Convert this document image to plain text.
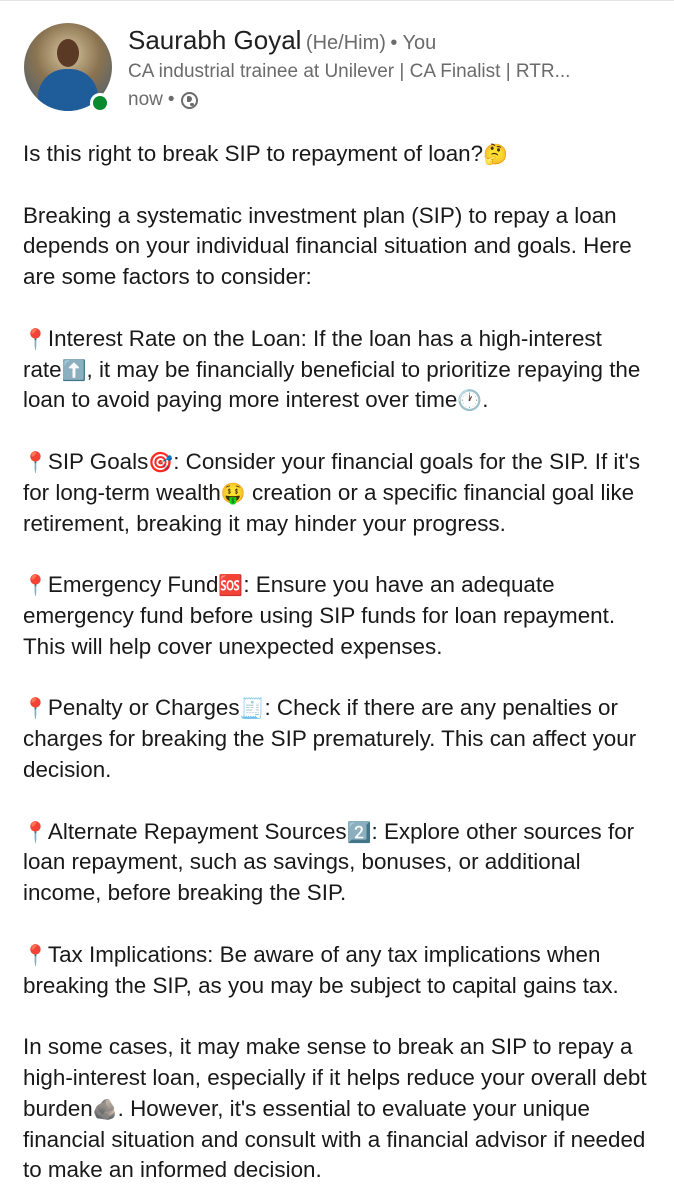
Saurabh Goyal (He/Him) • You
CA industrial trainee at Unilever | CA Finalist | RTR...
now •
Is this right to break SIP to repayment of loan?🤔
Breaking a systematic investment plan (SIP) to repay a loan depends on your individual financial situation and goals. Here are some factors to consider:
📍Interest Rate on the Loan: If the loan has a high-interest rate⬆️, it may be financially beneficial to prioritize repaying the loan to avoid paying more interest over time🕐.
📍SIP Goals🎯: Consider your financial goals for the SIP. If it's for long-term wealth🤑 creation or a specific financial goal like retirement, breaking it may hinder your progress.
📍Emergency Fund🆘: Ensure you have an adequate emergency fund before using SIP funds for loan repayment. This will help cover unexpected expenses.
📍Penalty or Charges🧾: Check if there are any penalties or charges for breaking the SIP prematurely. This can affect your decision.
📍Alternate Repayment Sources2️⃣: Explore other sources for loan repayment, such as savings, bonuses, or additional income, before breaking the SIP.
📍Tax Implications: Be aware of any tax implications when breaking the SIP, as you may be subject to capital gains tax.
In some cases, it may make sense to break an SIP to repay a high-interest loan, especially if it helps reduce your overall debt burden🪨. However, it's essential to evaluate your unique financial situation and consult with a financial advisor if needed to make an informed decision.
